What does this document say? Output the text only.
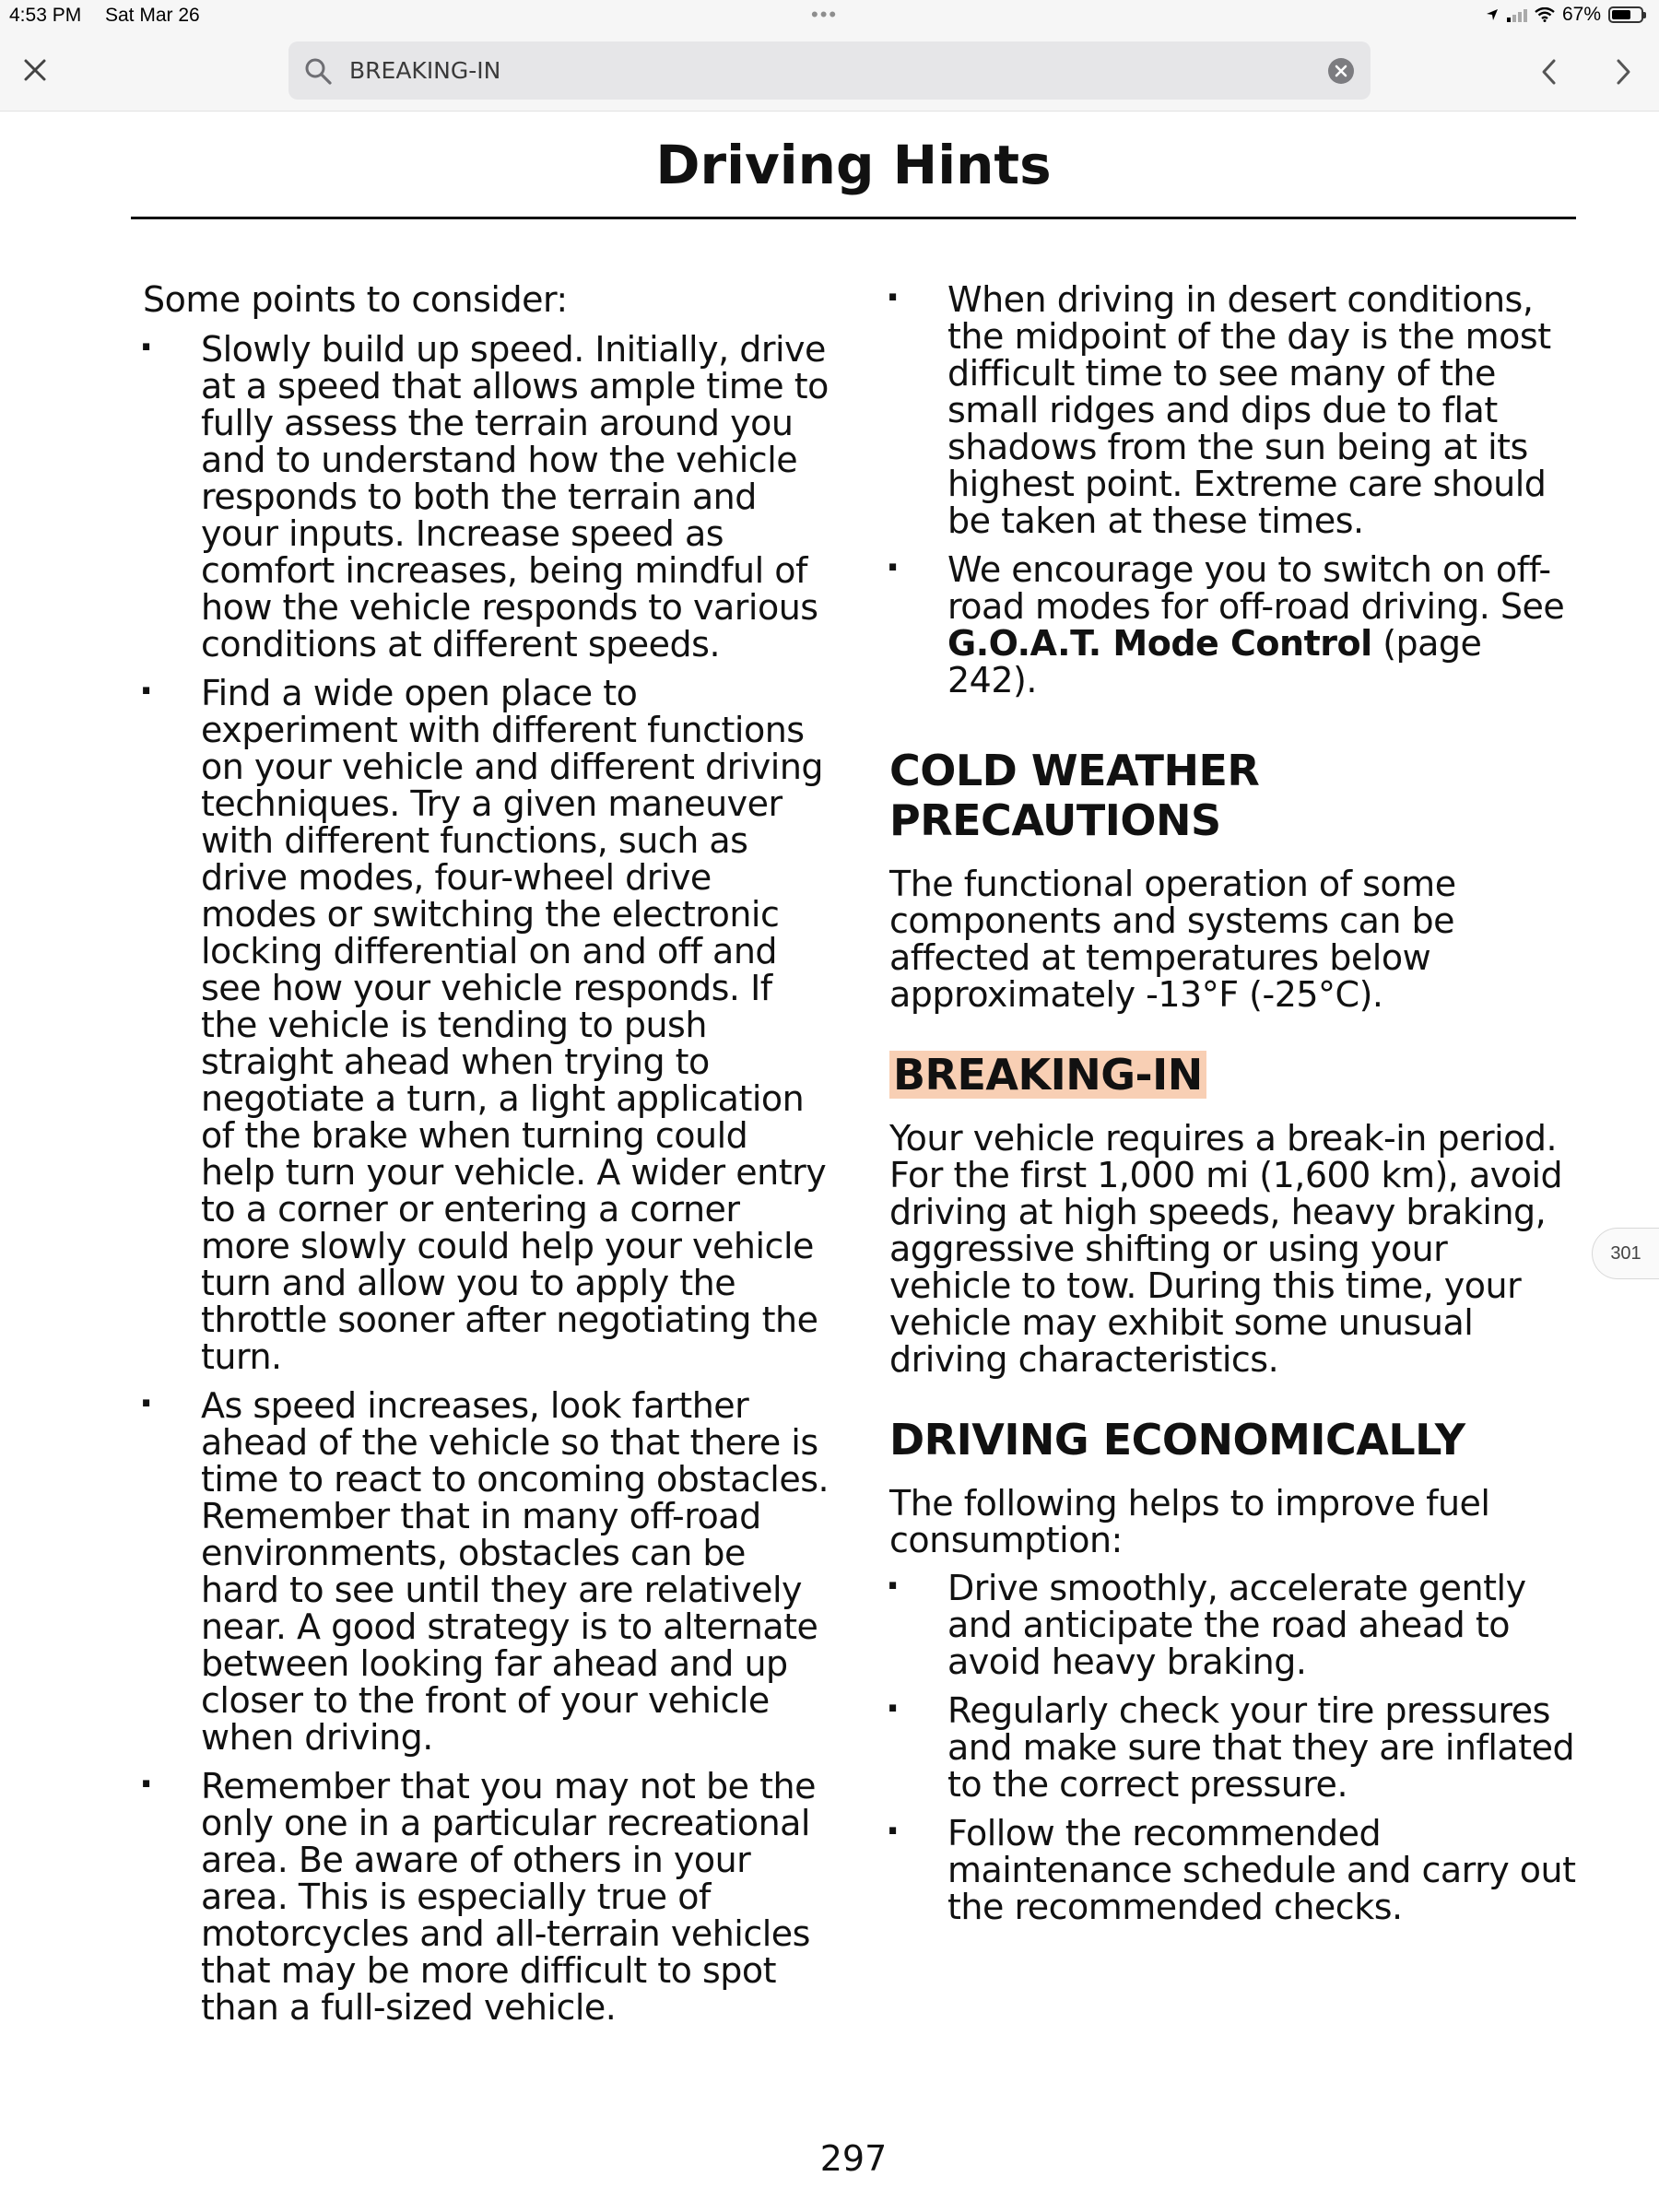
4:53 PM Sat Mar 26	•••	67%
BREAKING-IN
Driving Hints

Some points to consider:

· Slowly build up speed. Initially, drive at a speed that allows ample time to fully assess the terrain around you and to understand how the vehicle responds to both the terrain and your inputs. Increase speed as comfort increases, being mindful of how the vehicle responds to various conditions at different speeds.
· Find a wide open place to experiment with different functions on your vehicle and different driving techniques. Try a given maneuver with different functions, such as drive modes, four-wheel drive modes or switching the electronic locking differential on and off and see how your vehicle responds. If the vehicle is tending to push straight ahead when trying to negotiate a turn, a light application of the brake when turning could help turn your vehicle. A wider entry to a corner or entering a corner more slowly could help your vehicle turn and allow you to apply the throttle sooner after negotiating the turn.
· As speed increases, look farther ahead of the vehicle so that there is time to react to oncoming obstacles. Remember that in many off-road environments, obstacles can be hard to see until they are relatively near. A good strategy is to alternate between looking far ahead and up closer to the front of your vehicle when driving.
· Remember that you may not be the only one in a particular recreational area. Be aware of others in your area. This is especially true of motorcycles and all-terrain vehicles that may be more difficult to spot than a full-sized vehicle.
· When driving in desert conditions, the midpoint of the day is the most difficult time to see many of the small ridges and dips due to flat shadows from the sun being at its highest point. Extreme care should be taken at these times.
· We encourage you to switch on off-road modes for off-road driving. See G.O.A.T. Mode Control (page 242).
COLD WEATHER
PRECAUTIONS

The functional operation of some components and systems can be affected at temperatures below approximately -13°F (-25°C).

BREAKING-IN

Your vehicle requires a break-in period. For the first 1,000 mi (1,600 km), avoid driving at high speeds, heavy braking, aggressive shifting or using your vehicle to tow. During this time, your vehicle may exhibit some unusual driving characteristics.

DRIVING ECONOMICALLY

The following helps to improve fuel consumption:

· Drive smoothly, accelerate gently and anticipate the road ahead to avoid heavy braking.
· Regularly check your tire pressures and make sure that they are inflated to the correct pressure.
· Follow the recommended maintenance schedule and carry out the recommended checks.
301
297
